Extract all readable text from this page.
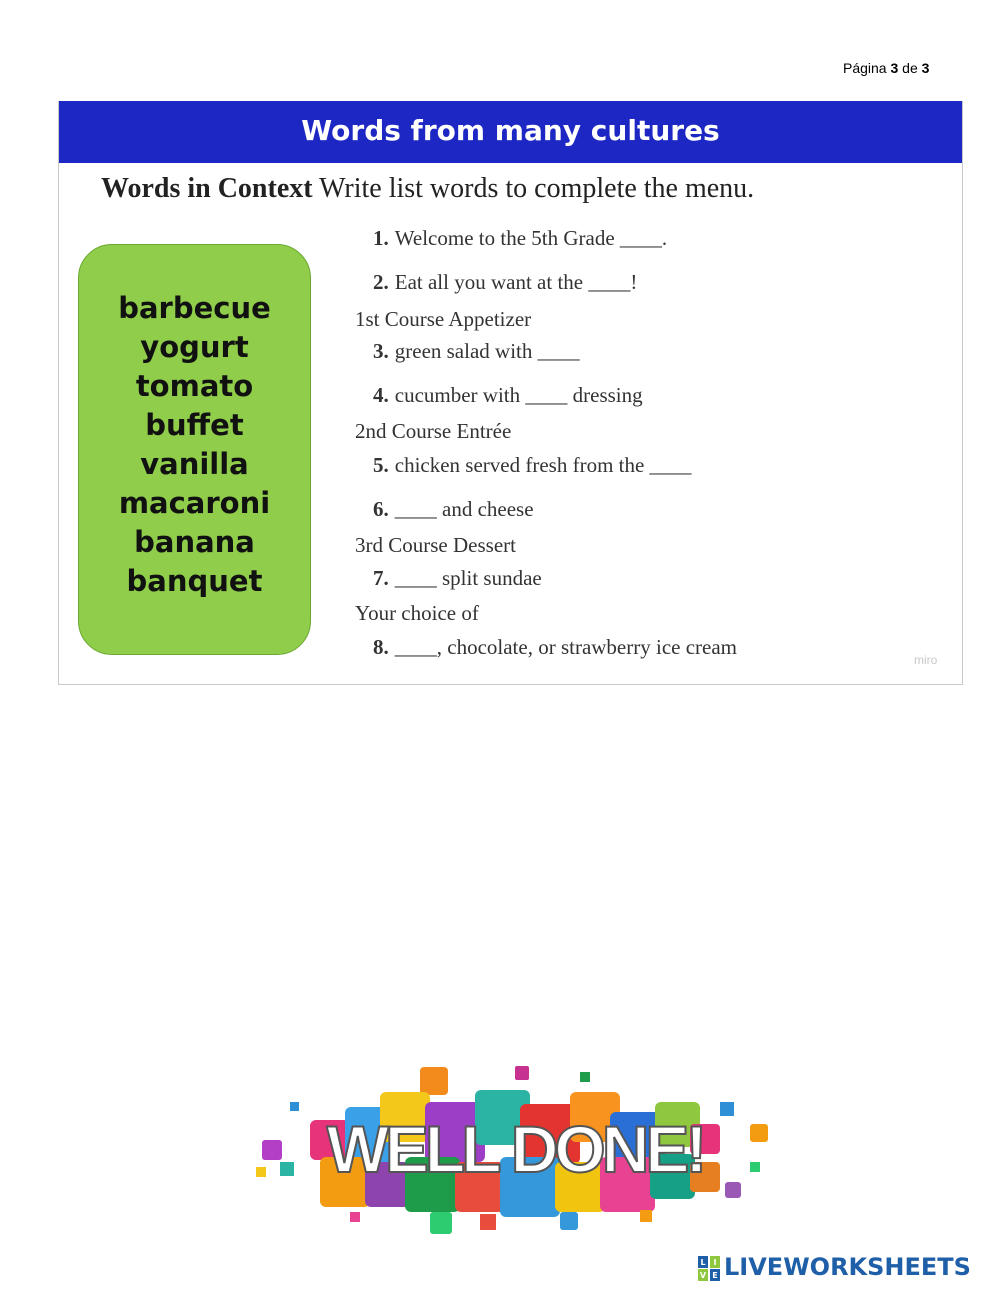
Página 3 de 3
Words from many cultures
Words in Context Write list words to complete the menu.
barbecue
yogurt
tomato
buffet
vanilla
macaroni
banana
banquet
1. Welcome to the 5th Grade ____.
2. Eat all you want at the ____!
1st Course Appetizer
3. green salad with ____
4. cucumber with ____ dressing
2nd Course Entrée
5. chicken served fresh from the ____
6. ____ and cheese
3rd Course Dessert
7. ____ split sundae
Your choice of
8. ____, chocolate, or strawberry ice cream
miro
WELL DONE!
L I
V E LIVEWORKSHEETS
